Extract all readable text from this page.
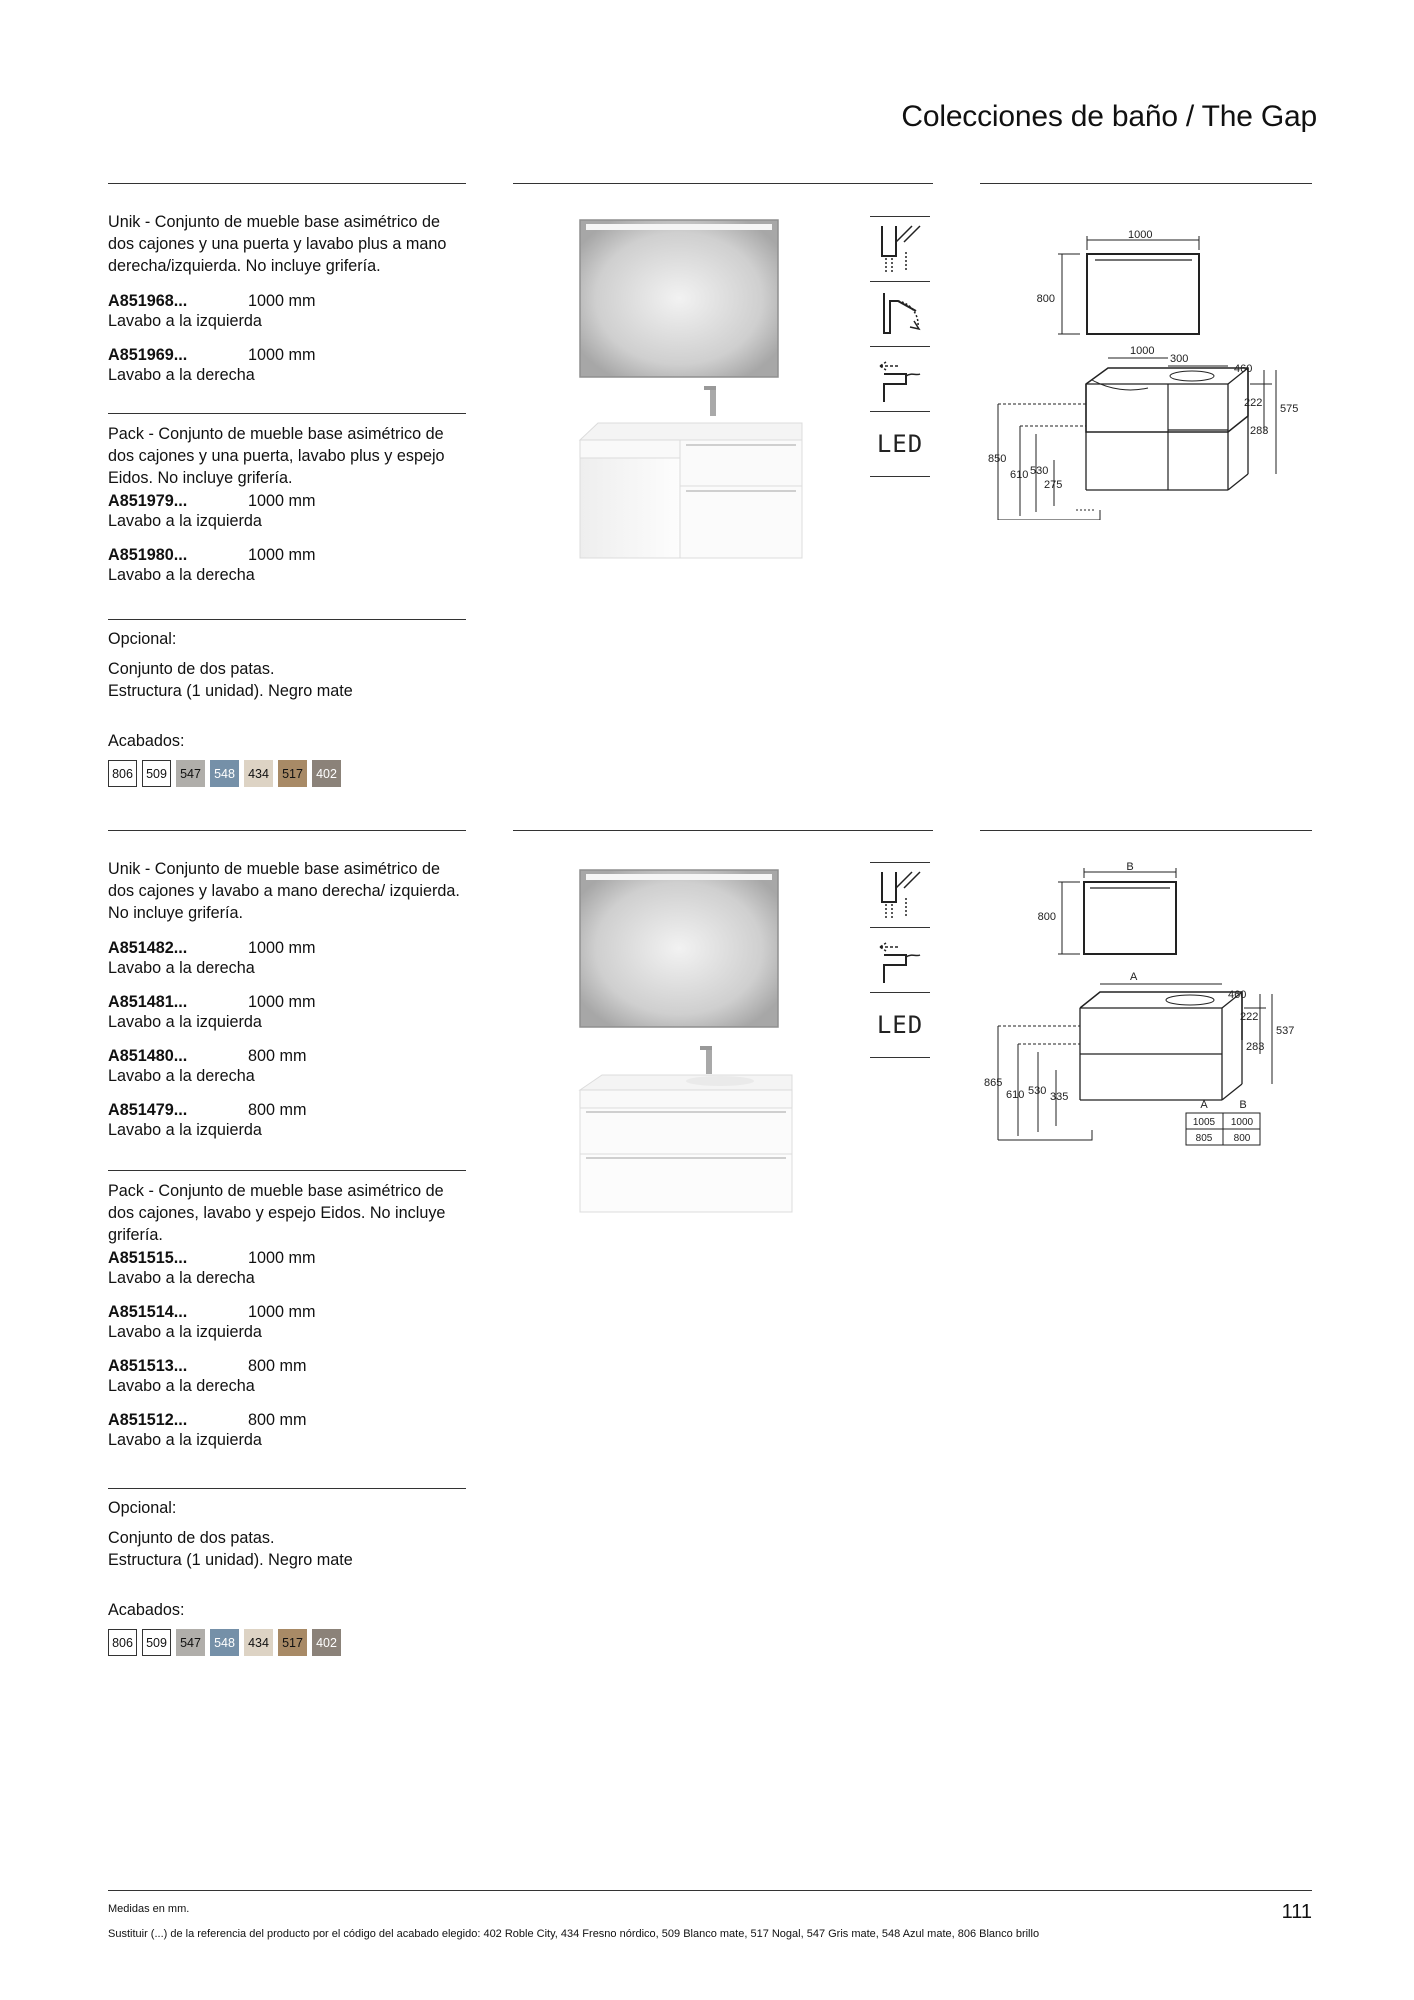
Colecciones de baño / The Gap
Unik - Conjunto de mueble base asimétrico de dos cajones y una puerta y lavabo plus a mano derecha/izquierda. No incluye grifería.
A851968...	1000 mm
Lavabo a la izquierda
A851969...	1000 mm
Lavabo a la derecha
Pack - Conjunto de mueble base asimétrico de dos cajones y una puerta, lavabo plus y espejo Eidos. No incluye grifería.
A851979...	1000 mm
Lavabo a la izquierda
A851980...	1000 mm
Lavabo a la derecha
Opcional:
Conjunto de dos patas.
Estructura (1 unidad). Negro mate
Acabados:
806	509	547	548	434	517	402
LED
1000
800
1000
300
460
222 575
283
850
610 530
275
Unik - Conjunto de mueble base asimétrico de dos cajones y lavabo a mano derecha/ izquierda. No incluye grifería.
A851482...	1000 mm
Lavabo a la derecha
A851481...	1000 mm
Lavabo a la izquierda
A851480...	800 mm
Lavabo a la derecha
A851479...	800 mm
Lavabo a la izquierda
Pack - Conjunto de mueble base asimétrico de dos cajones, lavabo y espejo Eidos. No incluye grifería.
A851515...	1000 mm
Lavabo a la derecha
A851514...	1000 mm
Lavabo a la izquierda
A851513...	800 mm
Lavabo a la derecha
A851512...	800 mm
Lavabo a la izquierda
Opcional:
Conjunto de dos patas.
Estructura (1 unidad). Negro mate
Acabados:
806	509	547	548	434	517	402
LED
B
800
A
460
222
537
283
865
610 530 335
A	B
1005 1000
805 800
Medidas en mm.	111
Sustituir (...) de la referencia del producto por el código del acabado elegido: 402 Roble City, 434 Fresno nórdico, 509 Blanco mate, 517 Nogal, 547 Gris mate, 548 Azul mate, 806 Blanco brillo
